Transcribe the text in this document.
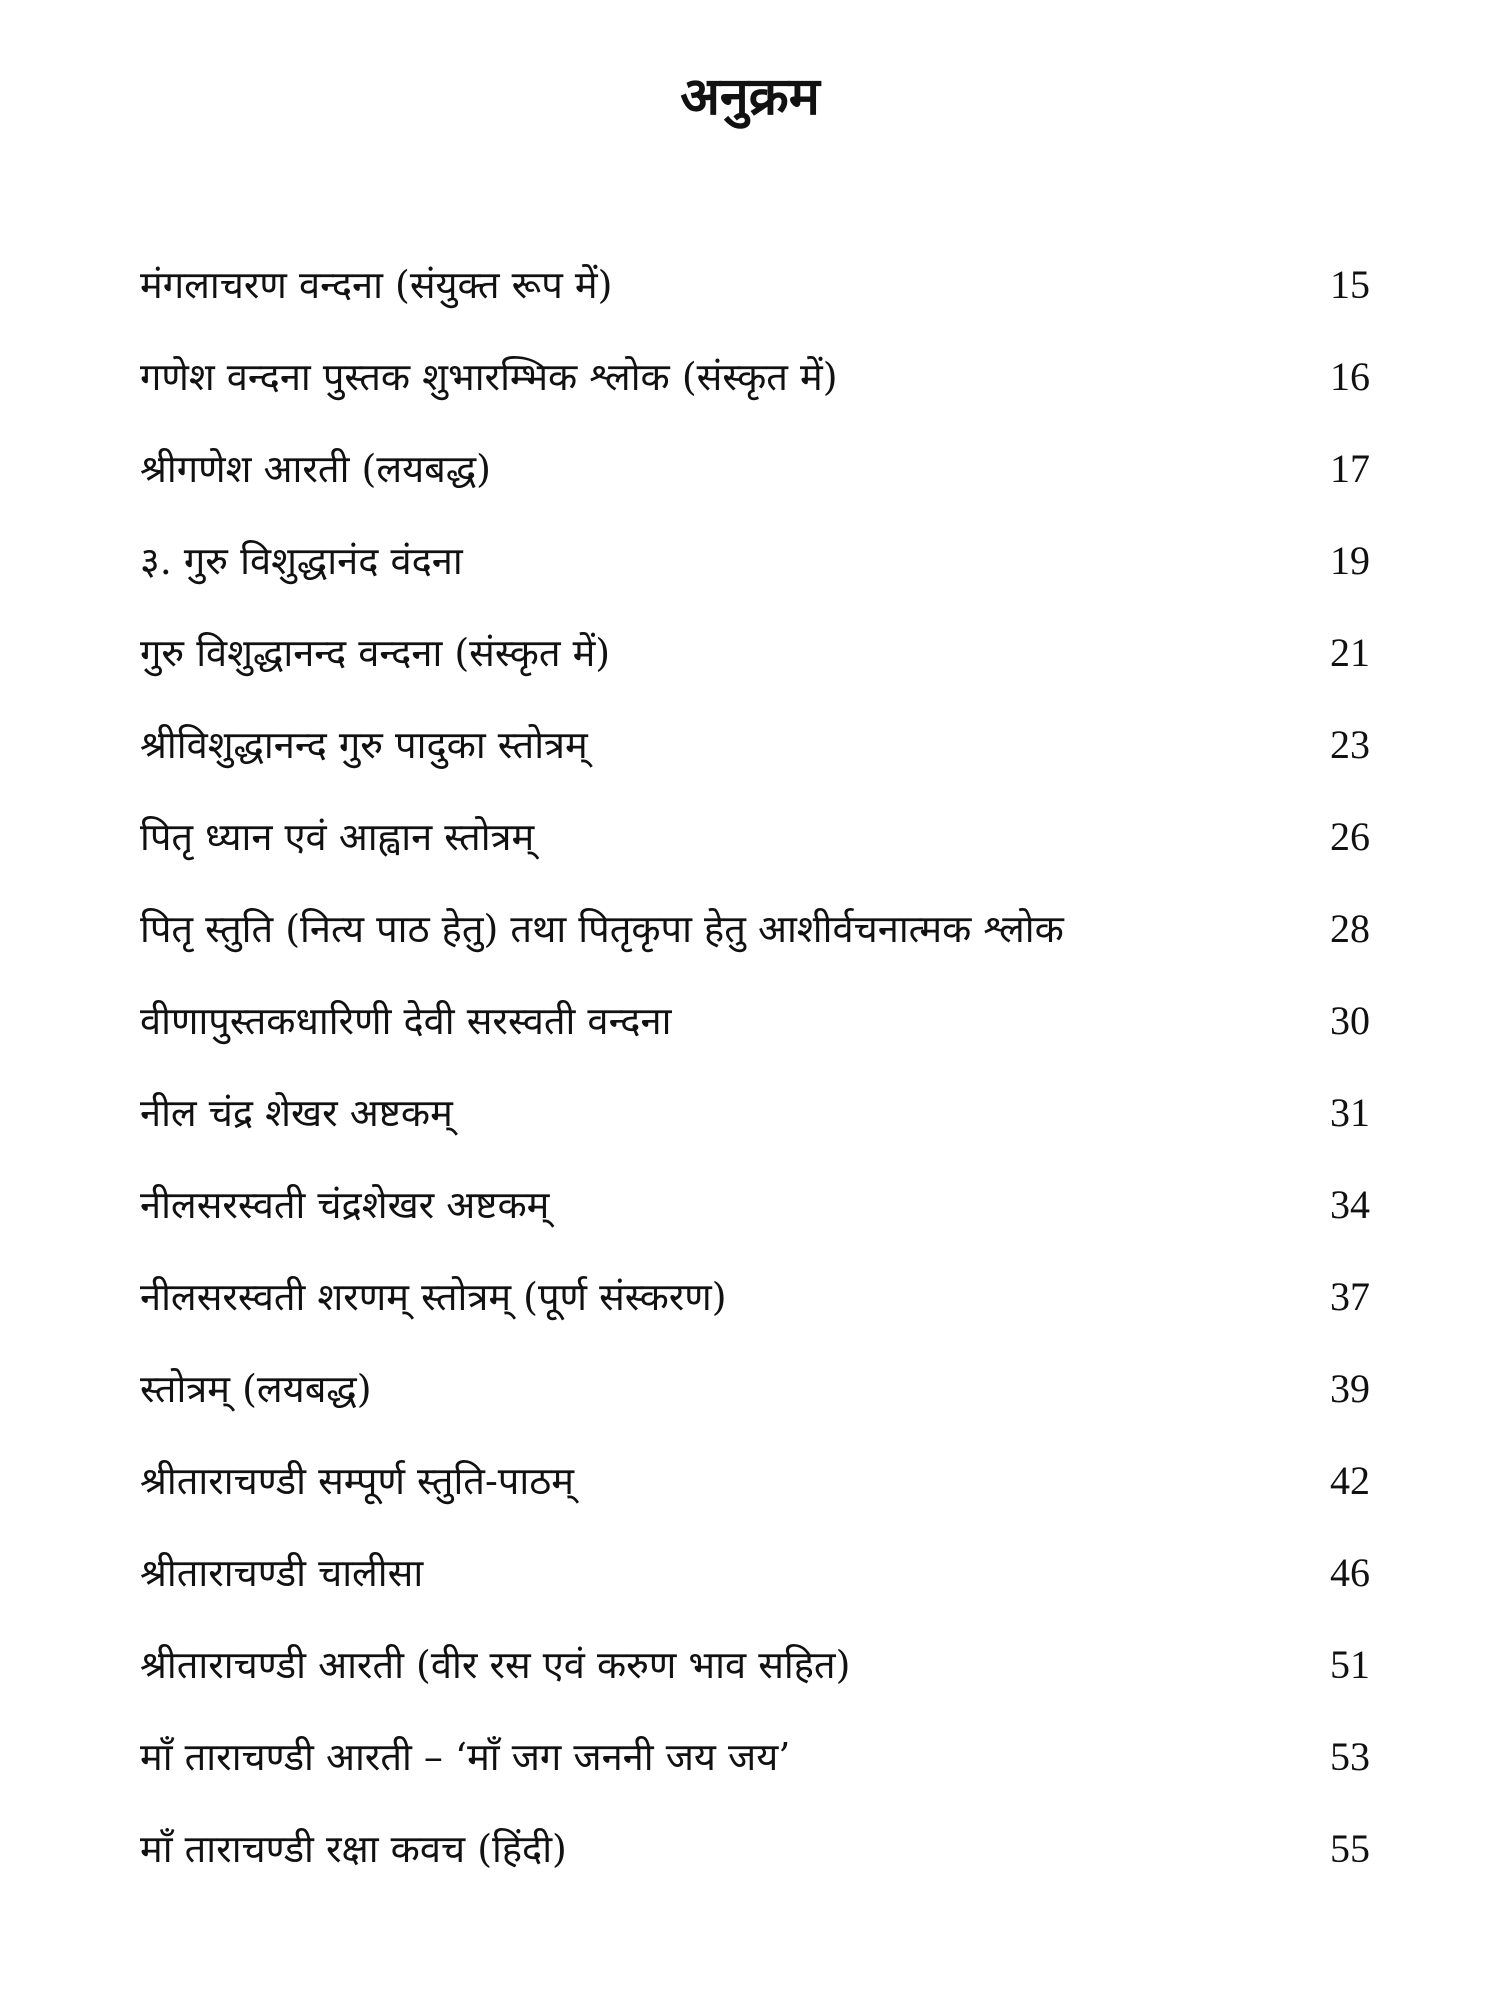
अनुक्रम
मंगलाचरण वन्दना (संयुक्त रूप में)	15
गणेश वन्दना पुस्तक शुभारम्भिक श्लोक (संस्कृत में)	16
श्रीगणेश आरती (लयबद्ध)	17
३. गुरु विशुद्धानंद वंदना	19
गुरु विशुद्धानन्द वन्दना (संस्कृत में)	21
श्रीविशुद्धानन्द गुरु पादुका स्तोत्रम्	23
पितृ ध्यान एवं आह्वान स्तोत्रम्	26
पितृ स्तुति (नित्य पाठ हेतु) तथा पितृकृपा हेतु आशीर्वचनात्मक श्लोक	28
वीणापुस्तकधारिणी देवी सरस्वती वन्दना	30
नील चंद्र शेखर अष्टकम्	31
नीलसरस्वती चंद्रशेखर अष्टकम्	34
नीलसरस्वती शरणम् स्तोत्रम् (पूर्ण संस्करण)	37
स्तोत्रम् (लयबद्ध)	39
श्रीताराचण्डी सम्पूर्ण स्तुति-पाठम्	42
श्रीताराचण्डी चालीसा	46
श्रीताराचण्डी आरती (वीर रस एवं करुण भाव सहित)	51
माँ ताराचण्डी आरती – ‘माँ जग जननी जय जय’	53
माँ ताराचण्डी रक्षा कवच (हिंदी)	55
